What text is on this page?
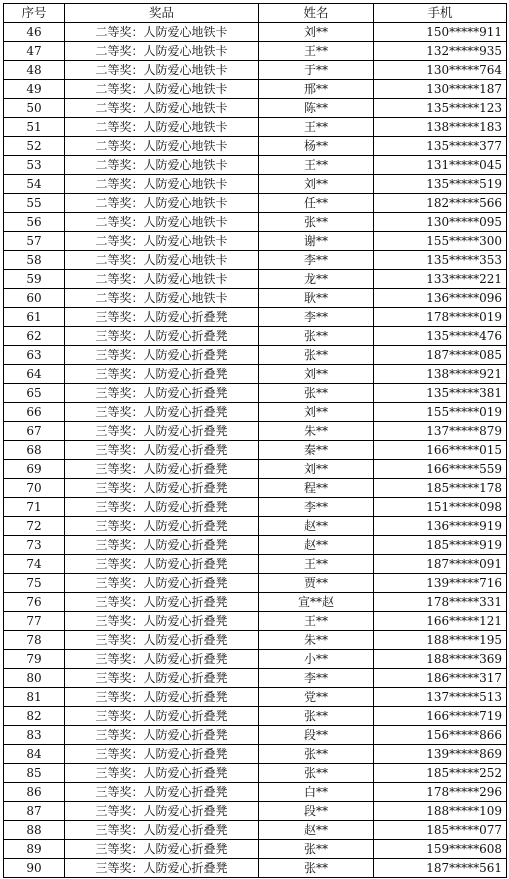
序号	奖品	姓名	手机
46	二等奖：人防爱心地铁卡	刘**	150*****911
47	二等奖：人防爱心地铁卡	王**	132*****935
48	二等奖：人防爱心地铁卡	于**	130*****764
49	二等奖：人防爱心地铁卡	邢**	130*****187
50	二等奖：人防爱心地铁卡	陈**	135*****123
51	二等奖：人防爱心地铁卡	王**	138*****183
52	二等奖：人防爱心地铁卡	杨**	135*****377
53	二等奖：人防爱心地铁卡	王**	131*****045
54	二等奖：人防爱心地铁卡	刘**	135*****519
55	二等奖：人防爱心地铁卡	任**	182*****566
56	二等奖：人防爱心地铁卡	张**	130*****095
57	二等奖：人防爱心地铁卡	谢**	155*****300
58	二等奖：人防爱心地铁卡	李**	135*****353
59	二等奖：人防爱心地铁卡	龙**	133*****221
60	二等奖：人防爱心地铁卡	耿**	136*****096
61	三等奖：人防爱心折叠凳	李**	178*****019
62	三等奖：人防爱心折叠凳	张**	135*****476
63	三等奖：人防爱心折叠凳	张**	187*****085
64	三等奖：人防爱心折叠凳	刘**	138*****921
65	三等奖：人防爱心折叠凳	张**	135*****381
66	三等奖：人防爱心折叠凳	刘**	155*****019
67	三等奖：人防爱心折叠凳	朱**	137*****879
68	三等奖：人防爱心折叠凳	秦**	166*****015
69	三等奖：人防爱心折叠凳	刘**	166*****559
70	三等奖：人防爱心折叠凳	程**	185*****178
71	三等奖：人防爱心折叠凳	李**	151*****098
72	三等奖：人防爱心折叠凳	赵**	136*****919
73	三等奖：人防爱心折叠凳	赵**	185*****919
74	三等奖：人防爱心折叠凳	王**	187*****091
75	三等奖：人防爱心折叠凳	贾**	139*****716
76	三等奖：人防爱心折叠凳	宣**赵	178*****331
77	三等奖：人防爱心折叠凳	王**	166*****121
78	三等奖：人防爱心折叠凳	朱**	188*****195
79	三等奖：人防爱心折叠凳	小**	188*****369
80	三等奖：人防爱心折叠凳	李**	186*****317
81	三等奖：人防爱心折叠凳	党**	137*****513
82	三等奖：人防爱心折叠凳	张**	166*****719
83	三等奖：人防爱心折叠凳	段**	156*****866
84	三等奖：人防爱心折叠凳	张**	139*****869
85	三等奖：人防爱心折叠凳	张**	185*****252
86	三等奖：人防爱心折叠凳	白**	178*****296
87	三等奖：人防爱心折叠凳	段**	188*****109
88	三等奖：人防爱心折叠凳	赵**	185*****077
89	三等奖：人防爱心折叠凳	张**	159*****608
90	三等奖：人防爱心折叠凳	张**	187*****561
